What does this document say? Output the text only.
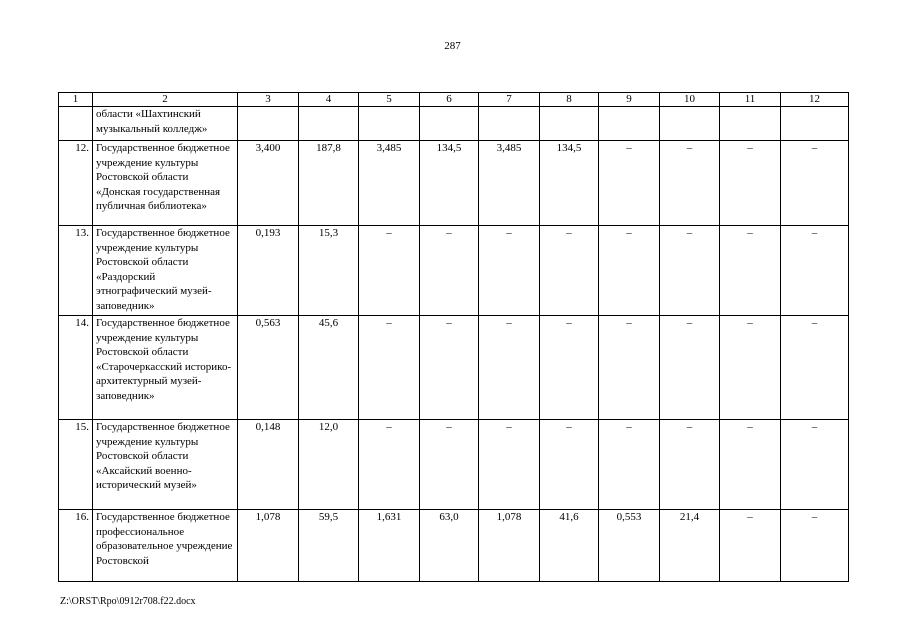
287
1	2	3	4	5	6	7	8	9	10	11	12
	области «Шахтинский музыкальный колледж»										
12.	Государственное бюджетное учреждение культуры Ростовской области «Донская государственная публичная библиотека»	3,400	187,8	3,485	134,5	3,485	134,5	–	–	–	–
13.	Государственное бюджетное учреждение культуры Ростовской области «Раздорский этнографический музей-заповедник»	0,193	15,3	–	–	–	–	–	–	–	–
14.	Государственное бюджетное учреждение культуры Ростовской области «Старочеркасский историко-архитектурный музей-заповедник»	0,563	45,6	–	–	–	–	–	–	–	–
15.	Государственное бюджетное учреждение культуры Ростовской области «Аксайский военно-исторический музей»	0,148	12,0	–	–	–	–	–	–	–	–
16.	Государственное бюджетное профессиональное образовательное учреждение Ростовской	1,078	59,5	1,631	63,0	1,078	41,6	0,553	21,4	–	–
Z:\ORST\Rpo\0912r708.f22.docx
